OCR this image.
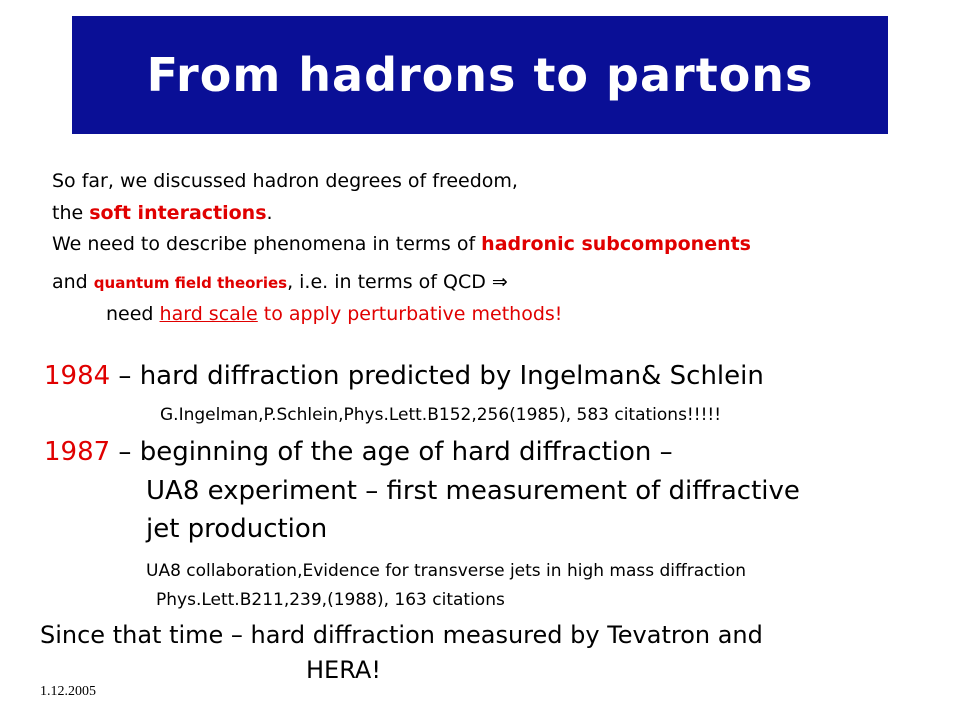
From hadrons to partons
So far, we discussed hadron degrees of freedom,
the soft interactions.
We need to describe phenomena in terms of hadronic subcomponents
and quantum field theories, i.e. in terms of QCD ⇒
need hard scale to apply perturbative methods!
1984 – hard diffraction predicted by Ingelman& Schlein
G.Ingelman,P.Schlein,Phys.Lett.B152,256(1985), 583 citations!!!!!
1987 – beginning of the age of hard diffraction –
UA8 experiment – first measurement of diffractive
jet production
UA8 collaboration,Evidence for transverse jets in high mass diffraction
Phys.Lett.B211,239,(1988), 163 citations
Since that time – hard diffraction measured by Tevatron and
HERA!
1.12.2005
